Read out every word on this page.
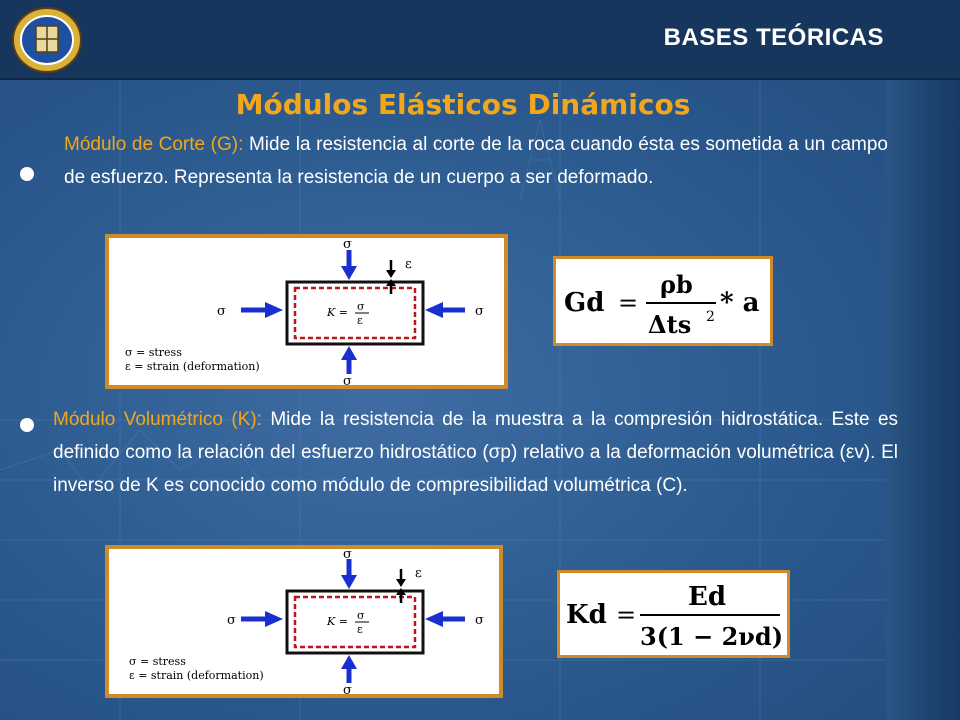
BASES TEÓRICAS
Módulos Elásticos Dinámicos
Módulo de Corte (G): Mide la resistencia al corte de la roca cuando ésta es sometida a un campo de esfuerzo. Representa la resistencia de un cuerpo a ser deformado.
σ
σ
σ	σ
ε
K = σ
ε
σ = stress
ε = strain (deformation)
Gd =
ρb
Δts 2 * a
Módulo Volumétrico (K): Mide la resistencia de la muestra a la compresión hidrostática. Este es definido como la relación del esfuerzo hidrostático (σp) relativo a la deformación volumétrica (εv). El inverso de K es conocido como módulo de compresibilidad volumétrica (C).
σ
σ
σ	σ
ε
K = σ
ε
σ = stress
ε = strain (deformation)
Kd =
Ed
3(1 − 2νd)
